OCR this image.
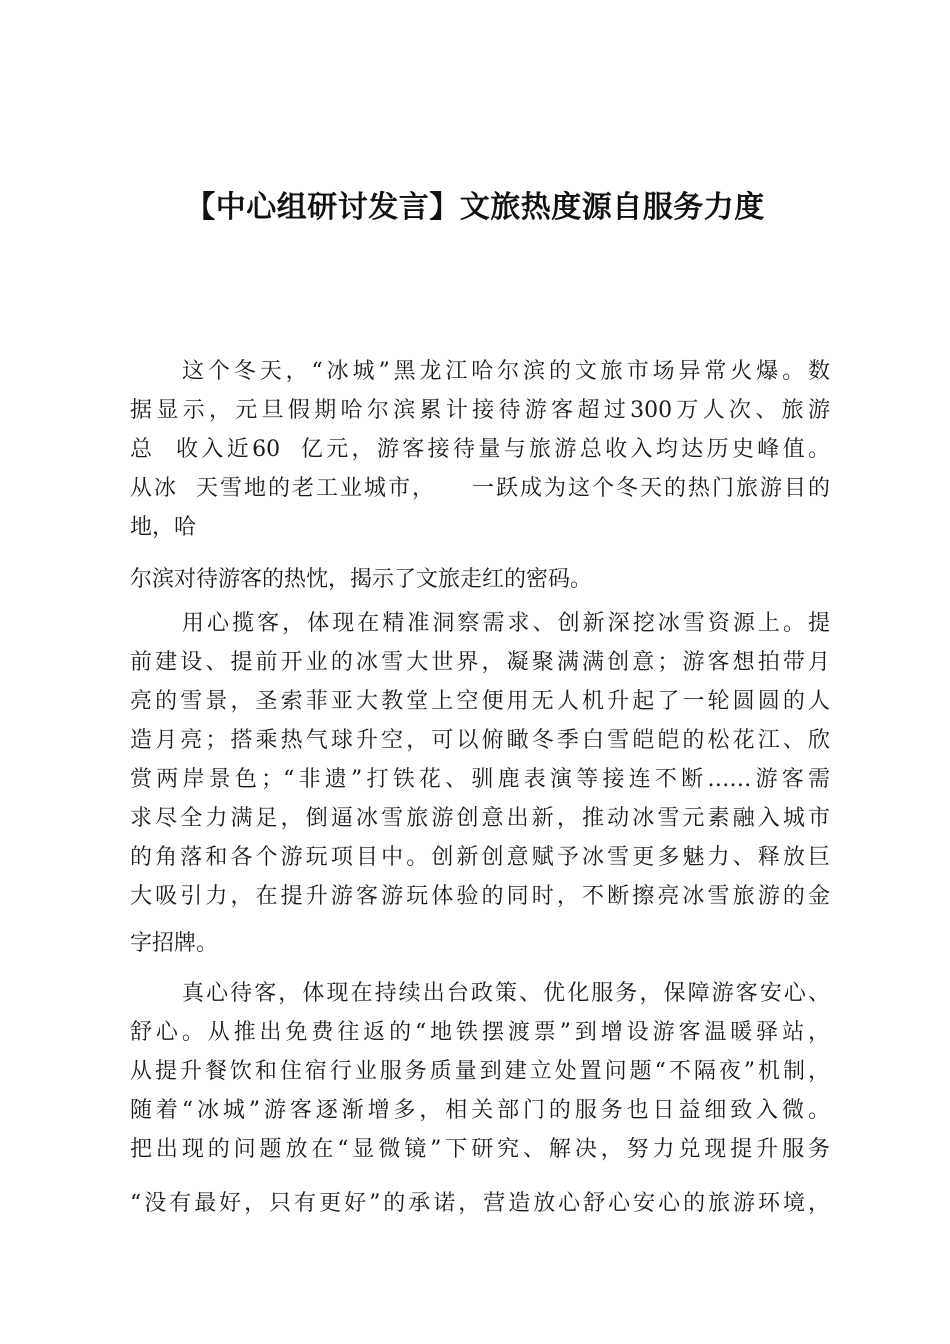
【中心组研讨发言】文旅热度源自服务力度
这个冬天，“冰城”黑龙江哈尔滨的文旅市场异常火爆。数
据显示，元旦假期哈尔滨累计接待游客超过300万人次、旅游
总  收入近60  亿元，游客接待量与旅游总收入均达历史峰值。
从冰  天雪地的老工业城市，    一跃成为这个冬天的热门旅游目的
地，哈
尔滨对待游客的热忱，揭示了文旅走红的密码。
用心揽客，体现在精准洞察需求、创新深挖冰雪资源上。提
前建设、提前开业的冰雪大世界，凝聚满满创意；游客想拍带月
亮的雪景，圣索菲亚大教堂上空便用无人机升起了一轮圆圆的人
造月亮；搭乘热气球升空，可以俯瞰冬季白雪皑皑的松花江、欣
赏两岸景色；“非遗”打铁花、驯鹿表演等接连不断……游客需
求尽全力满足，倒逼冰雪旅游创意出新，推动冰雪元素融入城市
的角落和各个游玩项目中。创新创意赋予冰雪更多魅力、释放巨
大吸引力，在提升游客游玩体验的同时，不断擦亮冰雪旅游的金
字招牌。
真心待客，体现在持续出台政策、优化服务，保障游客安心、
舒心。从推出免费往返的“地铁摆渡票”到增设游客温暖驿站，
从提升餐饮和住宿行业服务质量到建立处置问题“不隔夜”机制，
随着“冰城”游客逐渐增多，相关部门的服务也日益细致入微。
把出现的问题放在“显微镜”下研究、解决，努力兑现提升服务
“没有最好，只有更好”的承诺，营造放心舒心安心的旅游环境，
